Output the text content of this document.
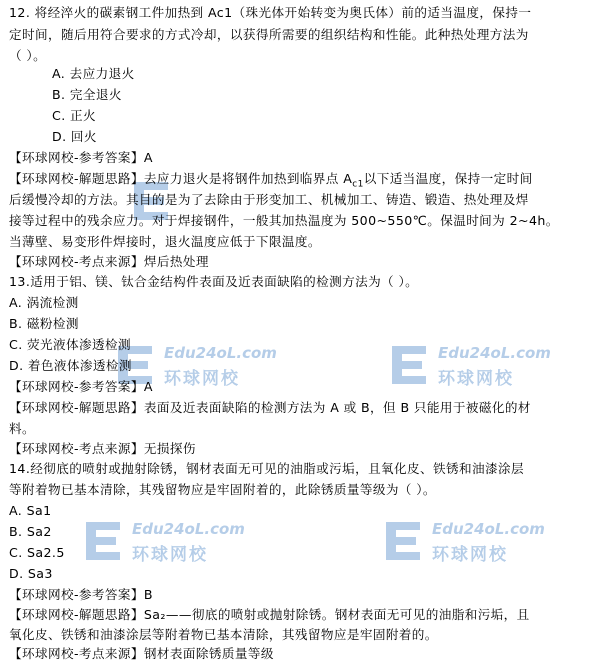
Edu24oL.com
环球网校
Edu24oL.com
环球网校
Edu24oL.com
环球网校
Edu24oL.com
环球网校
12. 将经淬火的碳素钢工件加热到 Ac1（珠光体开始转变为奥氏体）前的适当温度，保持一
定时间，随后用符合要求的方式冷却，以获得所需要的组织结构和性能。此种热处理方法为
（ ）。
A. 去应力退火
B. 完全退火
C. 正火
D. 回火
【环球网校-参考答案】A
【环球网校-解题思路】去应力退火是将钢件加热到临界点 $A_{c1}$以下适当温度，保持一定时间
后缓慢冷却的方法。其目的是为了去除由于形变加工、机械加工、铸造、锻造、热处理及焊
接等过程中的残余应力。对于焊接钢件，一般其加热温度为 500~550℃。保温时间为 2~4h。
当薄壁、易变形件焊接时，退火温度应低于下限温度。
【环球网校-考点来源】焊后热处理
13.适用于铝、镁、钛合金结构件表面及近表面缺陷的检测方法为（ ）。
A. 涡流检测
B. 磁粉检测
C. 荧光液体渗透检测
D. 着色液体渗透检测
【环球网校-参考答案】A
【环球网校-解题思路】表面及近表面缺陷的检测方法为 A 或 B，但 B 只能用于被磁化的材
料。
【环球网校-考点来源】无损探伤
14.经彻底的喷射或抛射除锈，钢材表面无可见的油脂或污垢，且氧化皮、铁锈和油漆涂层
等附着物已基本清除，其残留物应是牢固附着的，此除锈质量等级为（ ）。
A. Sa1
B. Sa2
C. Sa2.5
D. Sa3
【环球网校-参考答案】B
【环球网校-解题思路】Sa₂——彻底的喷射或抛射除锈。钢材表面无可见的油脂和污垢，且
氧化皮、铁锈和油漆涂层等附着物已基本清除，其残留物应是牢固附着的。
【环球网校-考点来源】钢材表面除锈质量等级
